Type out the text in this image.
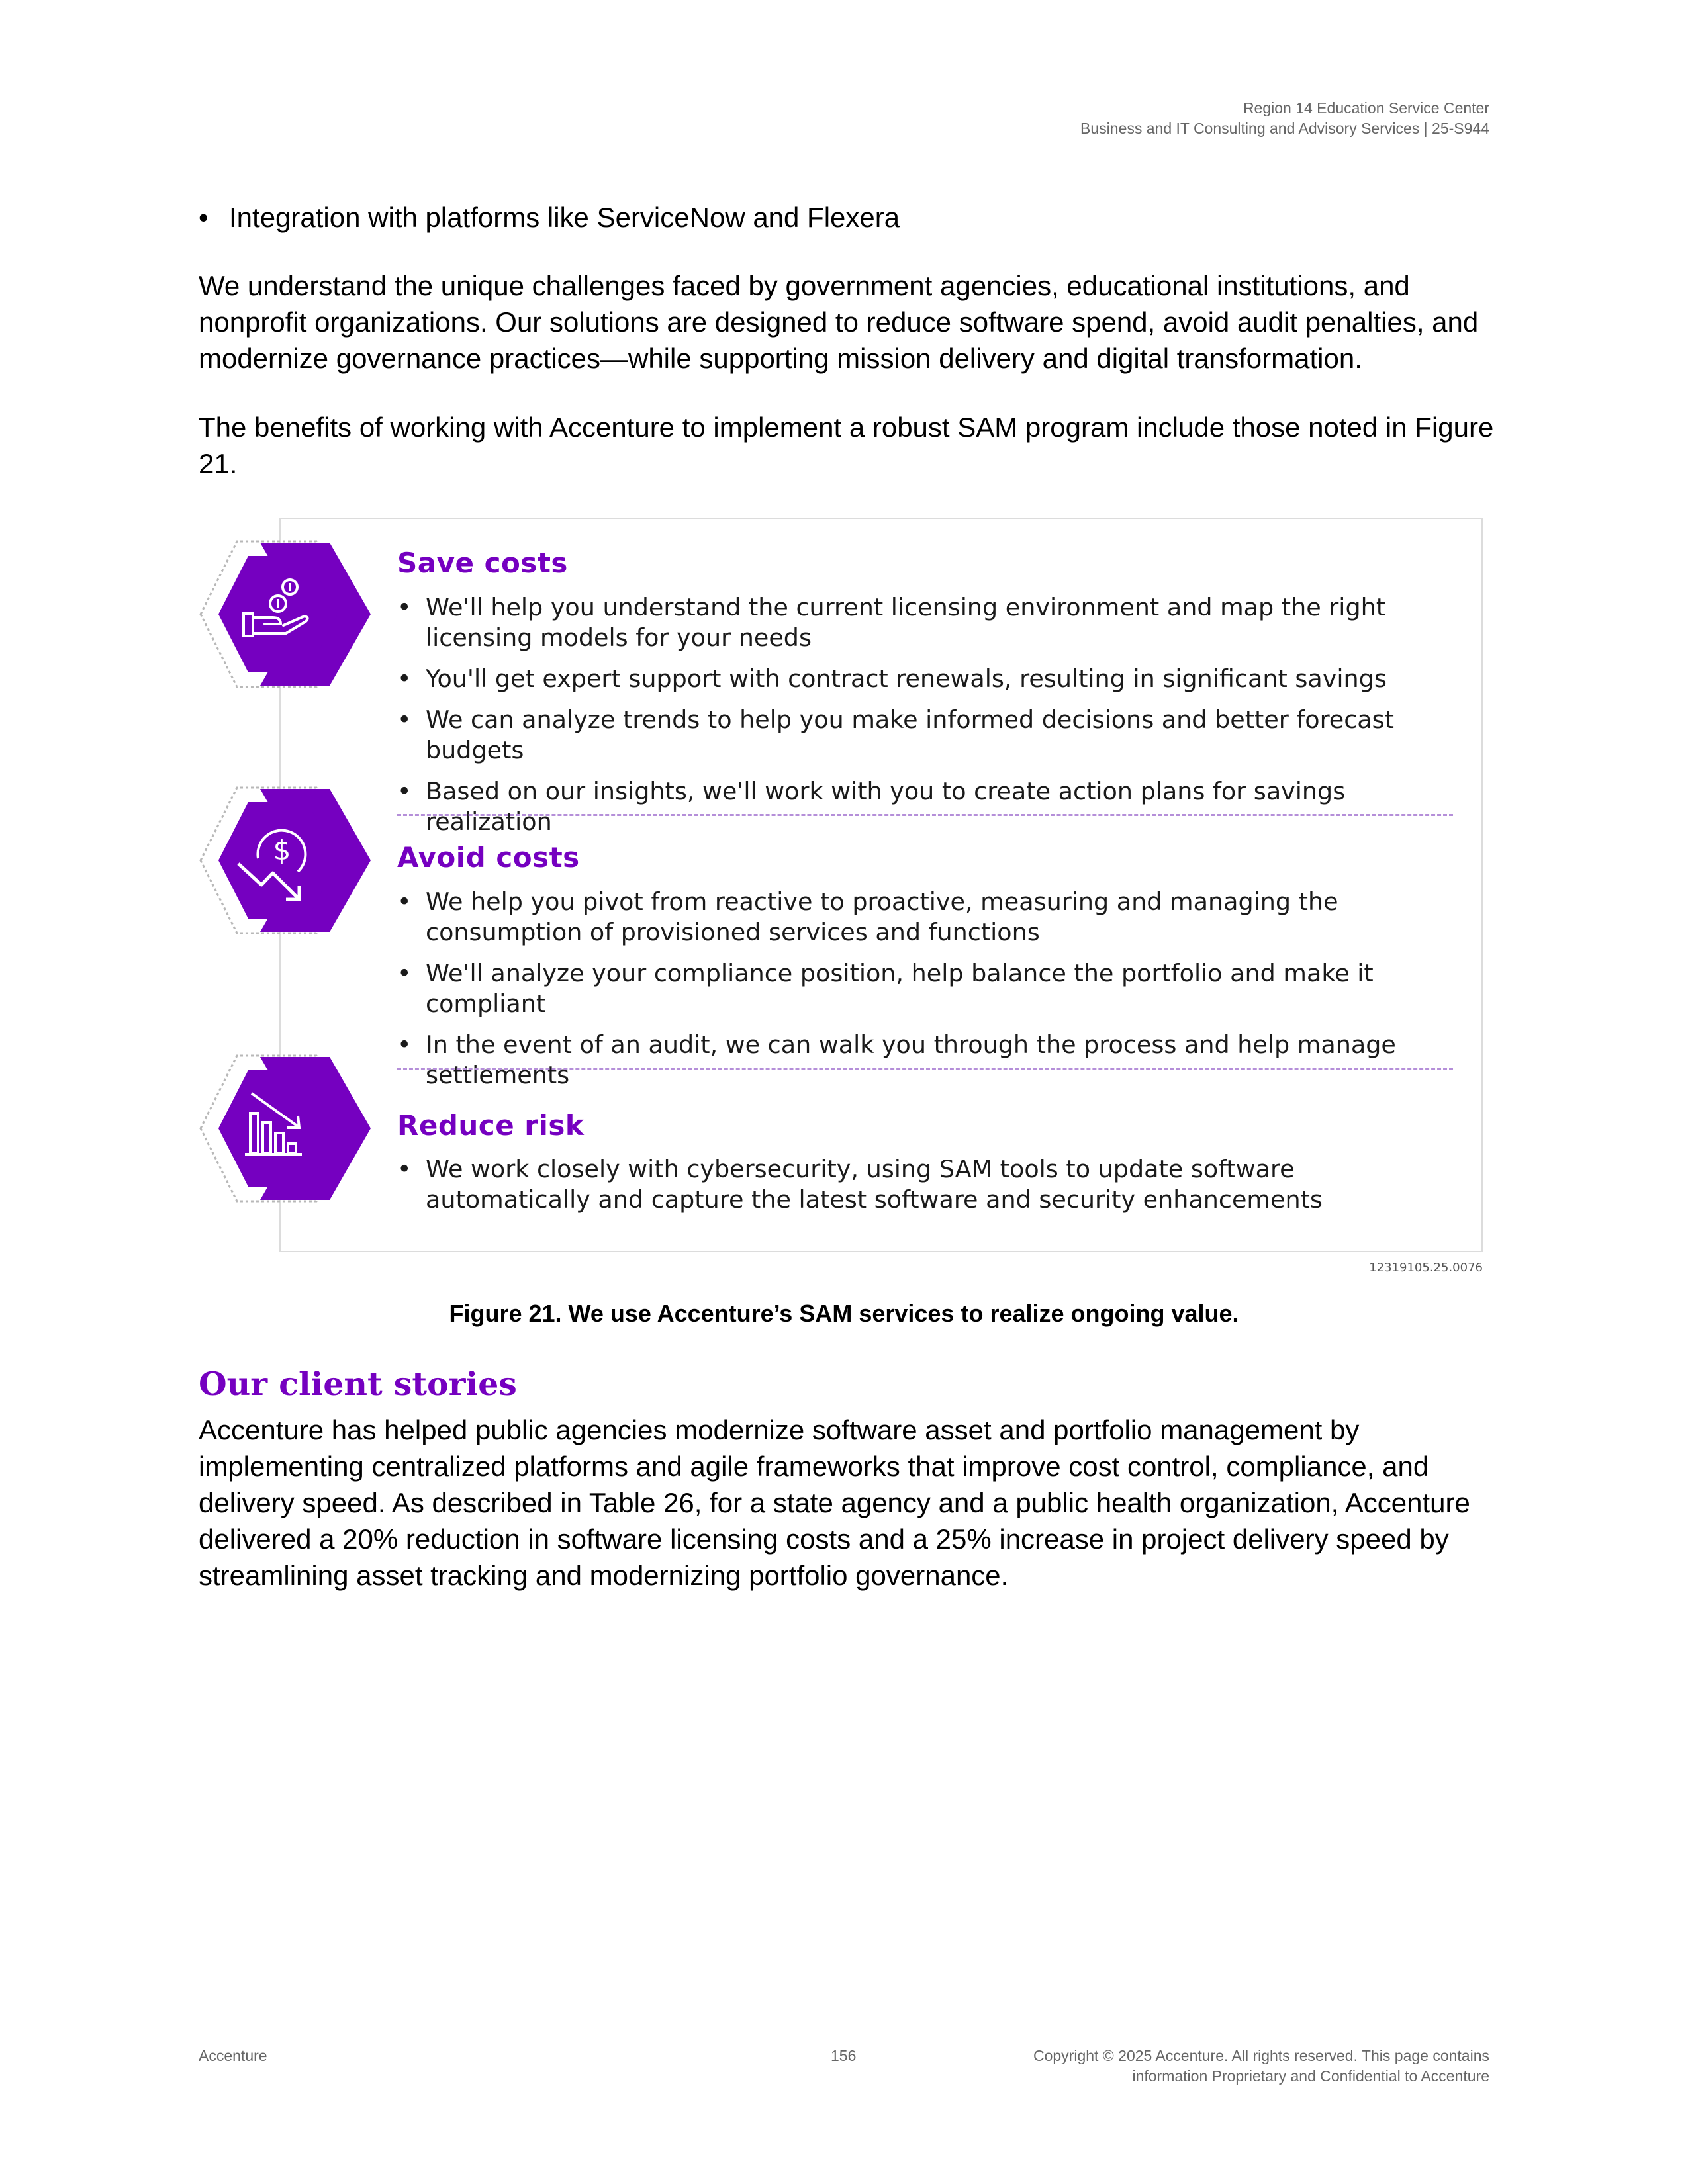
Region 14 Education Service Center
Business and IT Consulting and Advisory Services | 25-S944
• Integration with platforms like ServiceNow and Flexera

We understand the unique challenges faced by government agencies, educational institutions, and nonprofit organizations. Our solutions are designed to reduce software spend, avoid audit penalties, and modernize governance practices—while supporting mission delivery and digital transformation.

The benefits of working with Accenture to implement a robust SAM program include those noted in Figure 21.

$
Save costs
• We'll help you understand the current licensing environment and map the right licensing models for your needs
• You'll get expert support with contract renewals, resulting in significant savings
• We can analyze trends to help you make informed decisions and better forecast budgets
• Based on our insights, we'll work with you to create action plans for savings realization
Avoid costs
• We help you pivot from reactive to proactive, measuring and managing the consumption of provisioned services and functions
• We'll analyze your compliance position, help balance the portfolio and make it compliant
• In the event of an audit, we can walk you through the process and help manage settlements
Reduce risk
• We work closely with cybersecurity, using SAM tools to update software automatically and capture the latest software and security enhancements
12319105.25.0076
Figure 21. We use Accenture’s SAM services to realize ongoing value.
Our client stories

Accenture has helped public agencies modernize software asset and portfolio management by implementing centralized platforms and agile frameworks that improve cost control, compliance, and delivery speed. As described in Table 26, for a state agency and a public health organization, Accenture delivered a 20% reduction in software licensing costs and a 25% increase in project delivery speed by streamlining asset tracking and modernizing portfolio governance.

Accenture	156	Copyright © 2025 Accenture. All rights reserved. This page contains
information Proprietary and Confidential to Accenture
